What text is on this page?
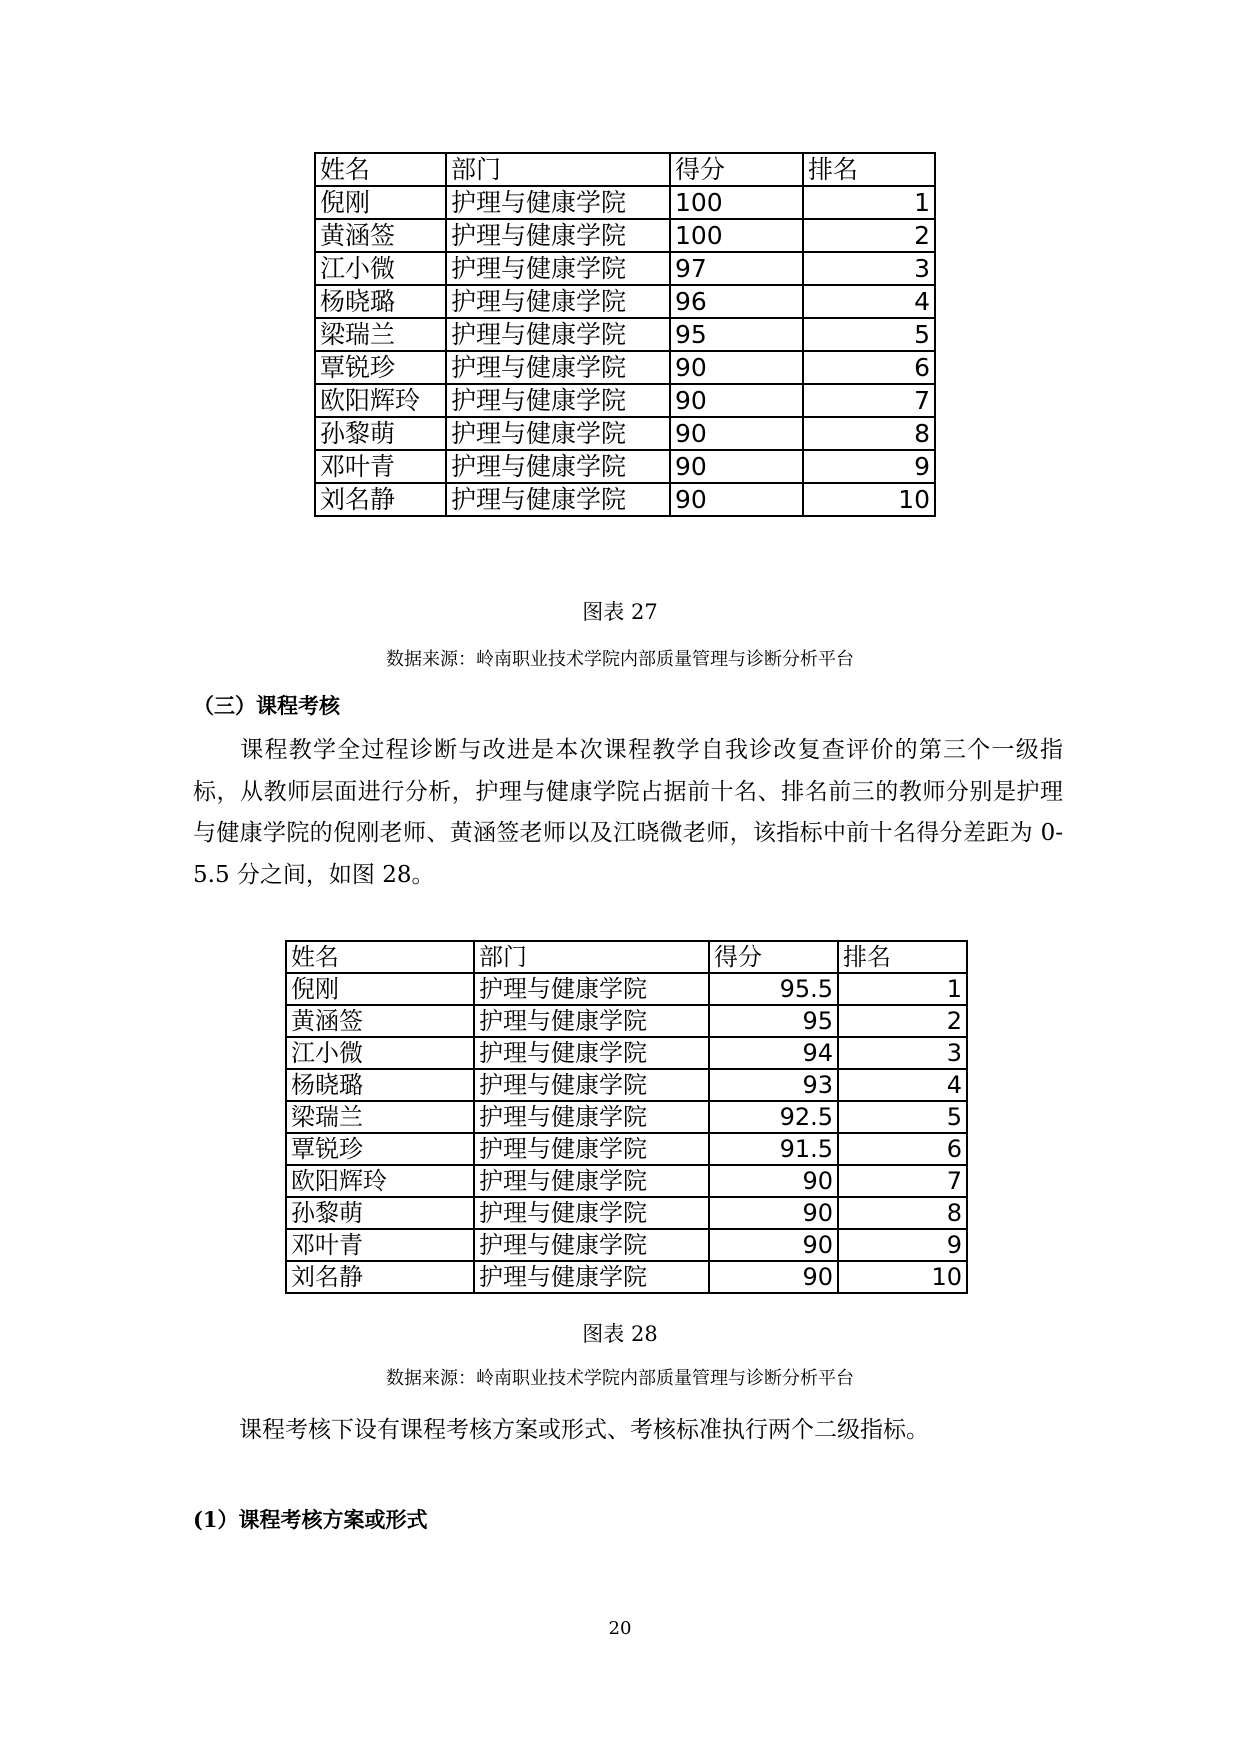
姓名	部门	得分	排名
倪刚	护理与健康学院	100	1
黄涵签	护理与健康学院	100	2
江小微	护理与健康学院	97	3
杨晓璐	护理与健康学院	96	4
梁瑞兰	护理与健康学院	95	5
覃锐珍	护理与健康学院	90	6
欧阳辉玲	护理与健康学院	90	7
孙黎萌	护理与健康学院	90	8
邓叶青	护理与健康学院	90	9
刘名静	护理与健康学院	90	10
图表 27
数据来源：岭南职业技术学院内部质量管理与诊断分析平台
（三）课程考核

课程教学全过程诊断与改进是本次课程教学自我诊改复查评价的第三个一级指标，从教师层面进行分析，护理与健康学院占据前十名、排名前三的教师分别是护理与健康学院的倪刚老师、黄涵签老师以及江晓微老师，该指标中前十名得分差距为 0-5.5 分之间，如图 28。

姓名	部门	得分	排名
倪刚	护理与健康学院	95.5	1
黄涵签	护理与健康学院	95	2
江小微	护理与健康学院	94	3
杨晓璐	护理与健康学院	93	4
梁瑞兰	护理与健康学院	92.5	5
覃锐珍	护理与健康学院	91.5	6
欧阳辉玲	护理与健康学院	90	7
孙黎萌	护理与健康学院	90	8
邓叶青	护理与健康学院	90	9
刘名静	护理与健康学院	90	10
图表 28
数据来源：岭南职业技术学院内部质量管理与诊断分析平台

课程考核下设有课程考核方案或形式、考核标准执行两个二级指标。

(1）课程考核方案或形式
20
